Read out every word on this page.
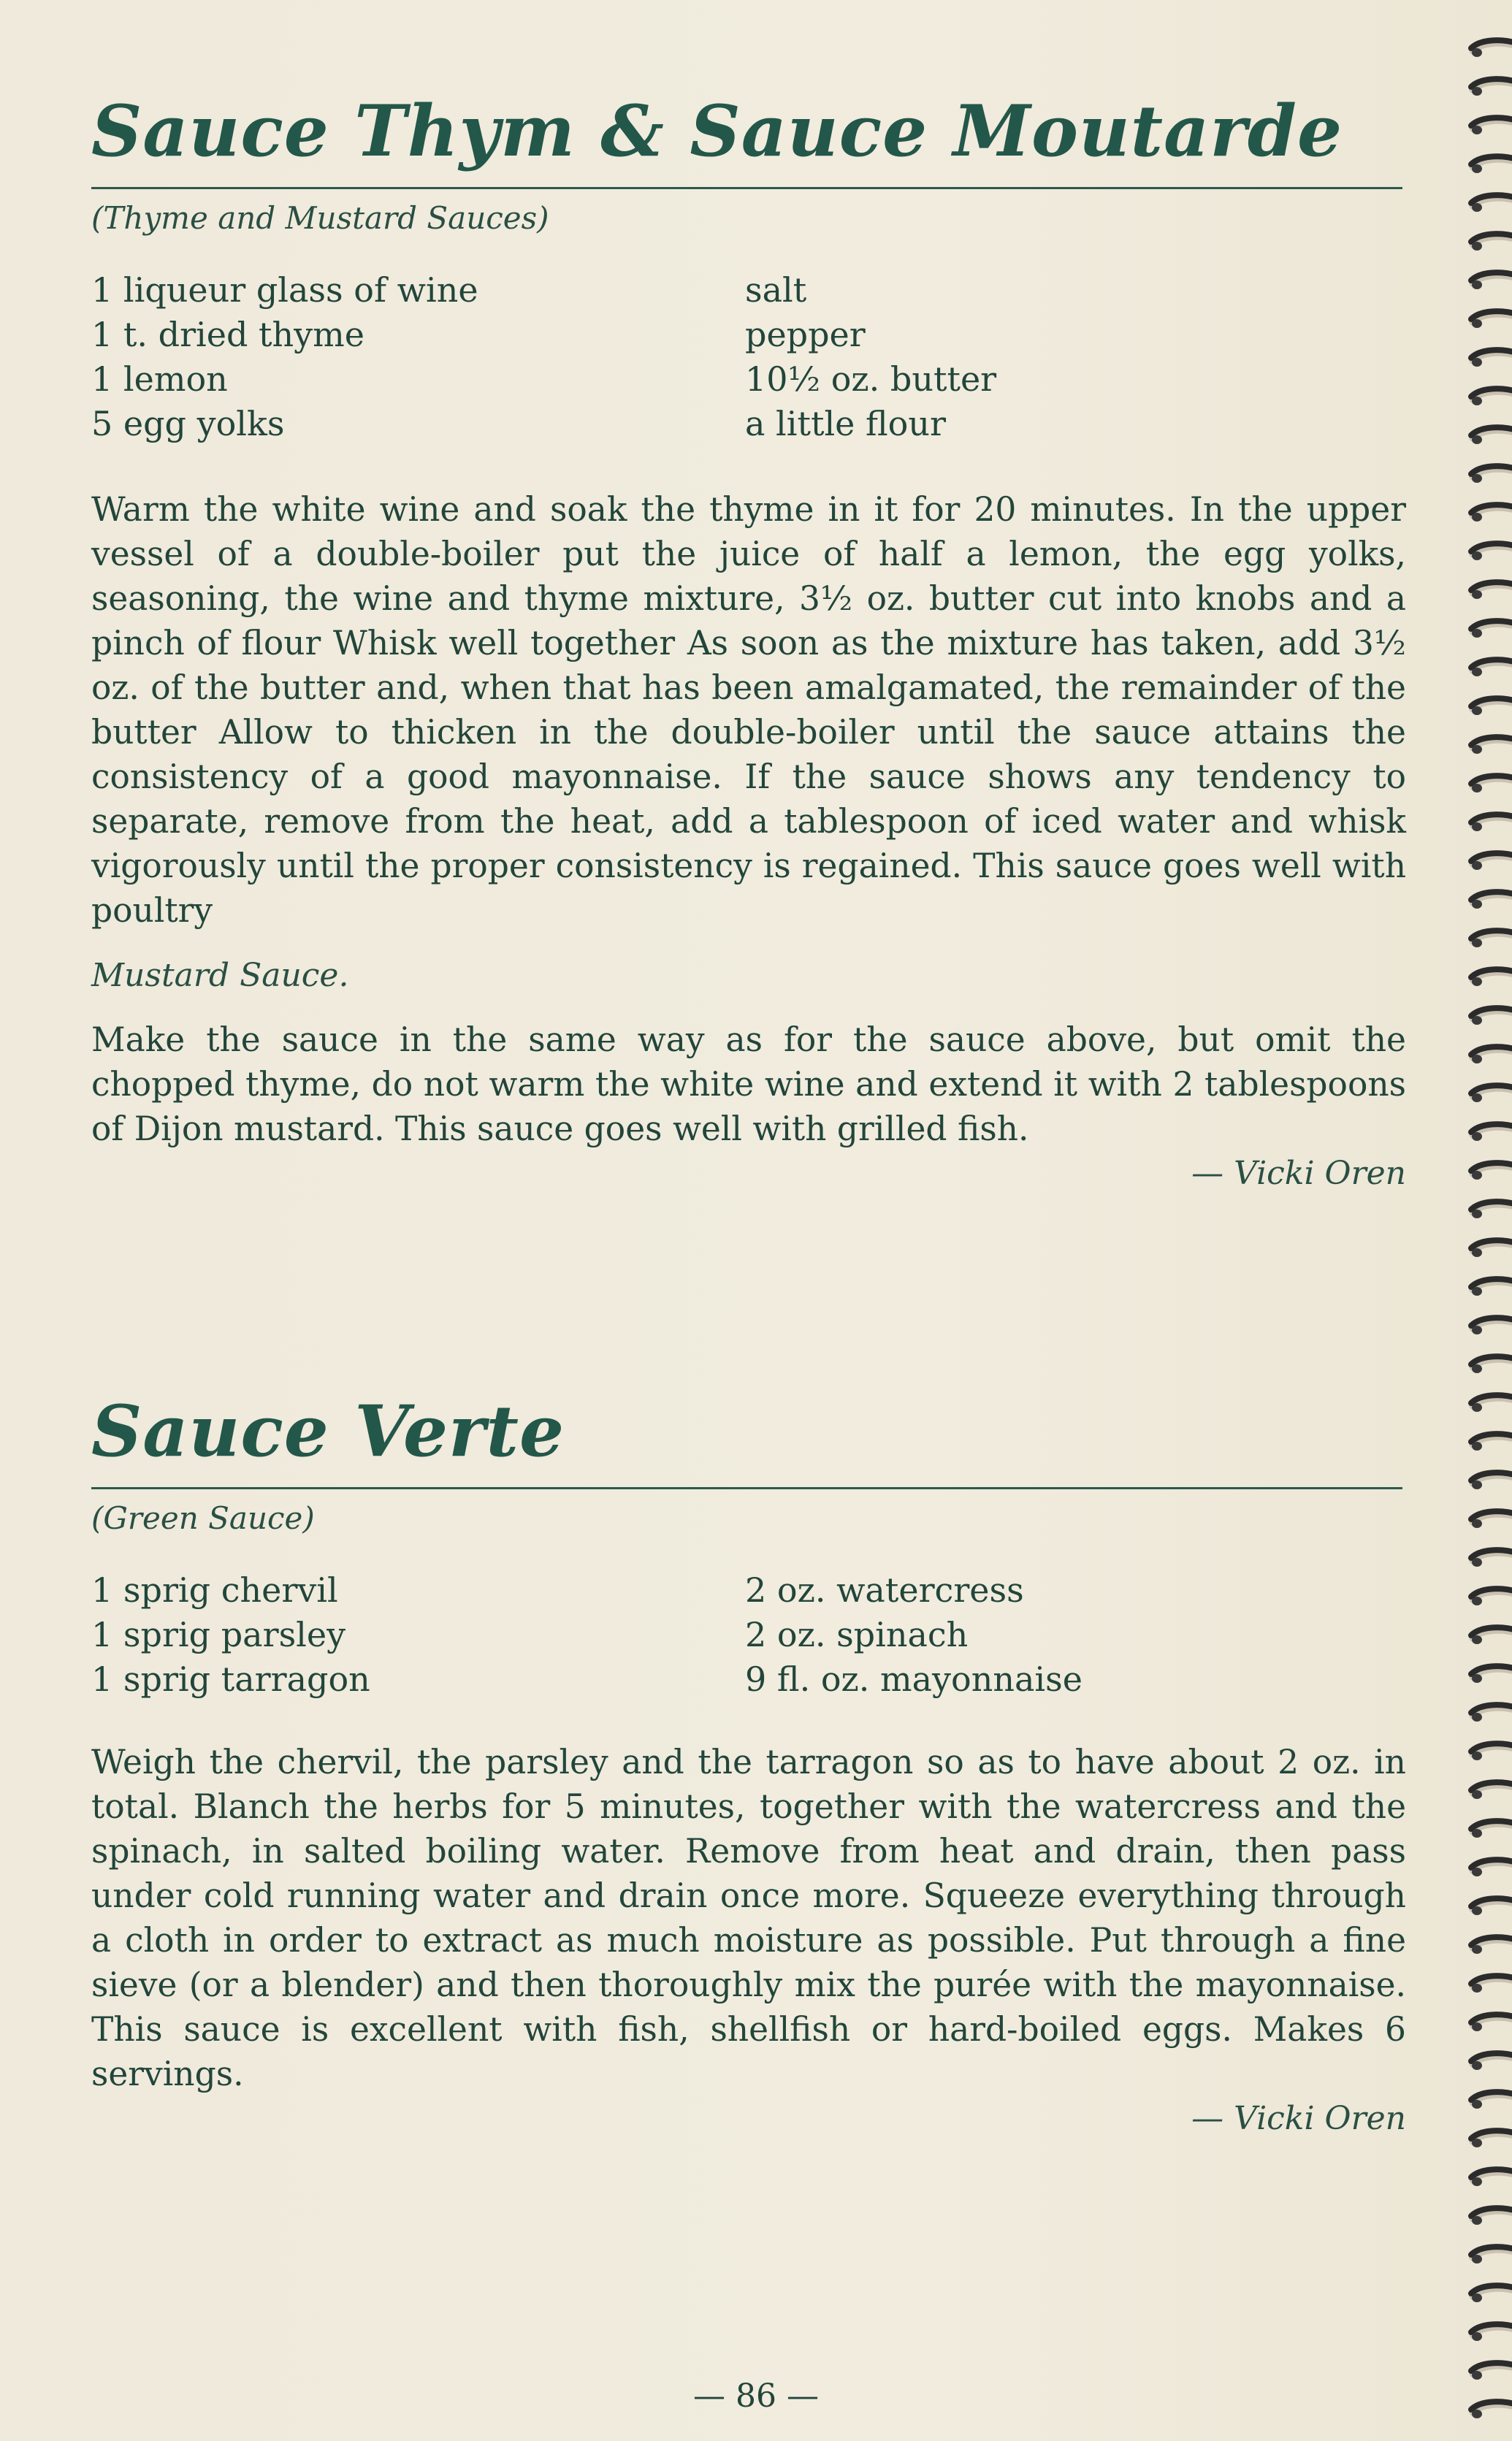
Sauce Thym & Sauce Moutarde
(Thyme and Mustard Sauces)
1 liqueur glass of wine
1 t. dried thyme
1 lemon
5 egg yolks
salt
pepper
10½ oz. butter
a little flour

Warm the white wine and soak the thyme in it for 20 minutes. In the upper vessel of a double-boiler put the juice of half a lemon, the egg yolks, seasoning, the wine and thyme mixture, 3½ oz. butter cut into knobs and a pinch of flour Whisk well together As soon as the mixture has taken, add 3½ oz. of the butter and, when that has been amalgamated, the remainder of the butter Allow to thicken in the double-boiler until the sauce attains the consistency of a good mayonnaise. If the sauce shows any tendency to separate, remove from the heat, add a tablespoon of iced water and whisk vigorously until the proper consistency is regained. This sauce goes well with poultry

Mustard Sauce.

Make the sauce in the same way as for the sauce above, but omit the chopped thyme, do not warm the white wine and extend it with 2 tablespoons of Dijon mustard. This sauce goes well with grilled fish.

— Vicki Oren
Sauce Verte
(Green Sauce)
1 sprig chervil
1 sprig parsley
1 sprig tarragon
2 oz. watercress
2 oz. spinach
9 fl. oz. mayonnaise

Weigh the chervil, the parsley and the tarragon so as to have about 2 oz. in total. Blanch the herbs for 5 minutes, together with the watercress and the spinach, in salted boiling water. Remove from heat and drain, then pass under cold running water and drain once more. Squeeze everything through a cloth in order to extract as much moisture as possible. Put through a fine sieve (or a blender) and then thoroughly mix the purée with the mayonnaise. This sauce is excellent with fish, shellfish or hard-boiled eggs. Makes 6 servings.

— Vicki Oren
— 86 —
